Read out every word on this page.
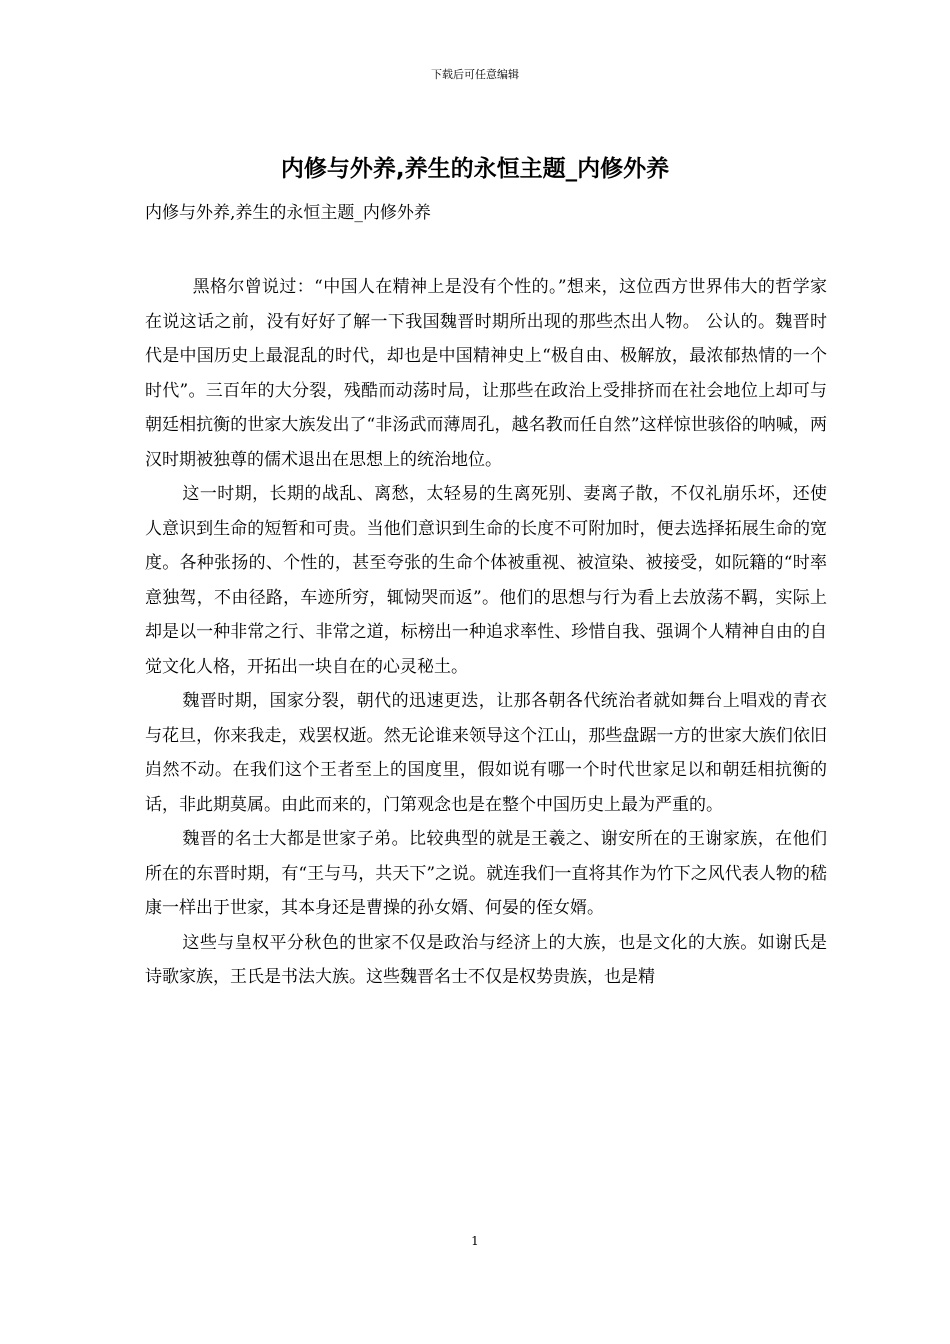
下载后可任意编辑
内修与外养,养生的永恒主题_内修外养
内修与外养,养生的永恒主题_内修外养

黑格尔曾说过：“中国人在精神上是没有个性的。”想来，这位西方世界伟大的哲学家在说这话之前，没有好好了解一下我国魏晋时期所出现的那些杰出人物。 公认的。魏晋时代是中国历史上最混乱的时代，却也是中国精神史上“极自由、极解放，最浓郁热情的一个时代”。三百年的大分裂，残酷而动荡时局，让那些在政治上受排挤而在社会地位上却可与朝廷相抗衡的世家大族发出了“非汤武而薄周孔，越名教而任自然”这样惊世骇俗的呐喊，两汉时期被独尊的儒术退出在思想上的统治地位。

这一时期，长期的战乱、离愁，太轻易的生离死别、妻离子散，不仅礼崩乐坏，还使人意识到生命的短暂和可贵。当他们意识到生命的长度不可附加时，便去选择拓展生命的宽度。各种张扬的、个性的，甚至夸张的生命个体被重视、被渲染、被接受，如阮籍的“时率意独驾，不由径路，车迹所穷，辄恸哭而返”。他们的思想与行为看上去放荡不羁，实际上却是以一种非常之行、非常之道，标榜出一种追求率性、珍惜自我、强调个人精神自由的自觉文化人格，开拓出一块自在的心灵秘土。

魏晋时期，国家分裂，朝代的迅速更迭，让那各朝各代统治者就如舞台上唱戏的青衣与花旦，你来我走，戏罢权逝。然无论谁来领导这个江山，那些盘踞一方的世家大族们依旧岿然不动。在我们这个王者至上的国度里，假如说有哪一个时代世家足以和朝廷相抗衡的话，非此期莫属。由此而来的，门第观念也是在整个中国历史上最为严重的。

魏晋的名士大都是世家子弟。比较典型的就是王羲之、谢安所在的王谢家族，在他们所在的东晋时期，有“王与马，共天下”之说。就连我们一直将其作为竹下之风代表人物的嵇康一样出于世家，其本身还是曹操的孙女婿、何晏的侄女婿。

这些与皇权平分秋色的世家不仅是政治与经济上的大族，也是文化的大族。如谢氏是诗歌家族，王氏是书法大族。这些魏晋名士不仅是权势贵族，也是精

1
